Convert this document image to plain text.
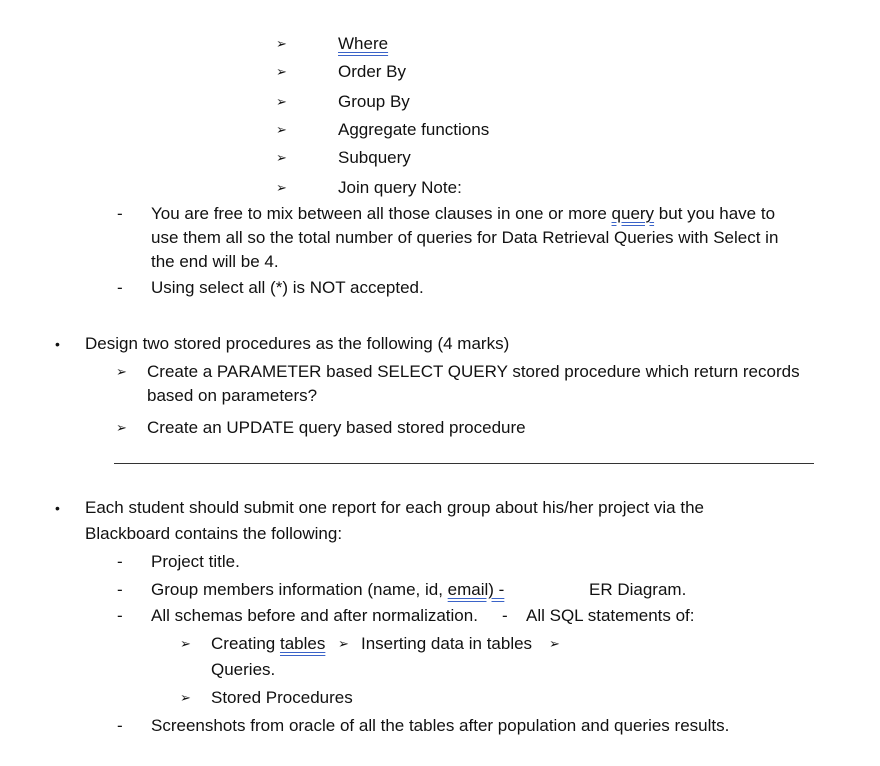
➢	Where
➢	Order By
➢	Group By
➢	Aggregate functions
➢	Subquery
➢	Join query Note:
- You are free to mix between all those clauses in one or more query but you have to
use them all so the total number of queries for Data Retrieval Queries with Select in
the end will be 4.
- Using select all (*) is NOT accepted.
• Design two stored procedures as the following (4 marks)
➢ Create a PARAMETER based SELECT QUERY stored procedure which return records
based on parameters?
➢ Create an UPDATE query based stored procedure
• Each student should submit one report for each group about his/her project via the
Blackboard contains the following:
- Project title.
- Group members information (name, id, email) -	ER Diagram.
- All schemas before and after normalization. - All SQL statements of:
➢ Creating tables ➢ Inserting data in tables ➢
Queries.
➢ Stored Procedures
- Screenshots from oracle of all the tables after population and queries results.
